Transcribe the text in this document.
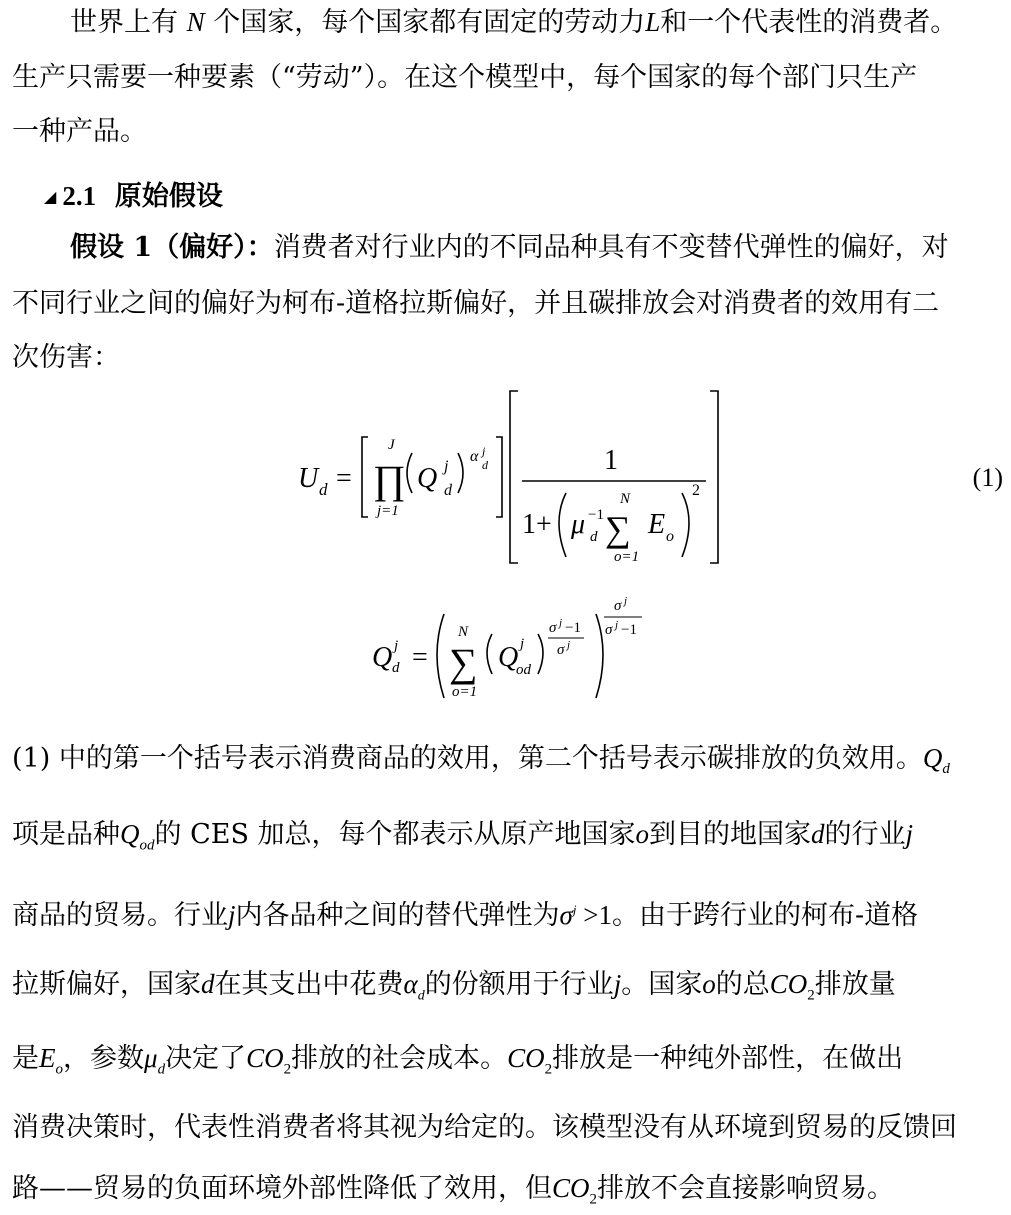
世界上有 N 个国家，每个国家都有固定的劳动力L和一个代表性的消费者。
生产只需要一种要素（“劳动”）。在这个模型中，每个国家的每个部门只生产
一种产品。
◢ 2.1 原始假设
假设 1（偏好）：消费者对行业内的不同品种具有不变替代弹性的偏好，对
不同行业之间的偏好为柯布-道格拉斯偏好，并且碳排放会对消费者的效用有二
次伤害：
U d =
J
∏
j=1
Q j
d
α j
d	1
1+ μ −1
d
N
∑
o=1
E o
2	(1)
Q j
d =
N
∑
o=1
Q j
od
σ j −1
σ j
σ j
σ j −1
(1) 中的第一个括号表示消费商品的效用，第二个括号表示碳排放的负效用。$Q_d$
项是品种$Q_{od}$的 CES 加总，每个都表示从原产地国家o到目的地国家d的行业j
商品的贸易。行业j内各品种之间的替代弹性为$\sigma^j >1$。由于跨行业的柯布-道格
拉斯偏好，国家d在其支出中花费$\alpha_d$的份额用于行业j。国家o的总$CO_2$排放量
是$E_o$，参数$\mu_d$决定了$CO_2$排放的社会成本。$CO_2$排放是一种纯外部性，在做出
消费决策时，代表性消费者将其视为给定的。该模型没有从环境到贸易的反馈回
路——贸易的负面环境外部性降低了效用，但$CO_2$排放不会直接影响贸易。
